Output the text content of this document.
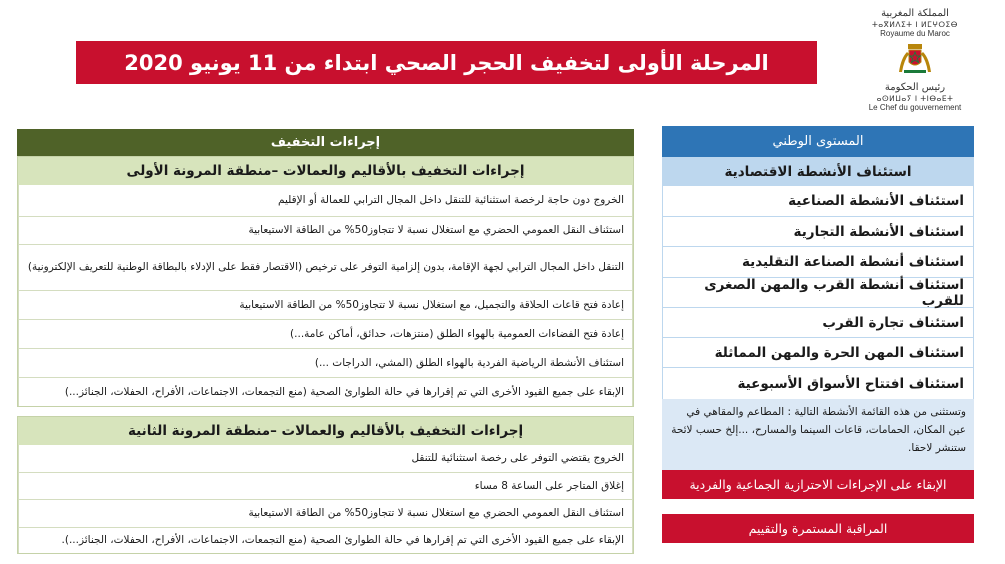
المرحلة الأولى لتخفيف الحجر الصحي ابتداء من 11 يونيو 2020
المملكة المغربية
ⵜⴰⴳⵍⴷⵉⵜ ⵏ ⵍⵎⵖⵔⵉⴱ
Royaume du Maroc
رئيس الحكومة
ⴰⵙⵍⵡⴰⵢ ⵏ ⵜⵏⴱⴰⴹⵜ
Le Chef du gouvernement
إجراءات التخفيف
إجراءات التخفيف بالأقاليم والعمالات –منطقة المرونة الأولى
الخروج دون حاجة لرخصة استثنائية للتنقل داخل المجال الترابي للعمالة أو الإقليم
استئناف النقل العمومي الحضري مع استغلال نسبة لا تتجاوز50% من الطاقة الاستيعابية
التنقل داخل المجال الترابي لجهة الإقامة، بدون إلزامية التوفر على ترخيص (الاقتصار فقط على الإدلاء بالبطاقة الوطنية للتعريف الإلكترونية)
إعادة فتح قاعات الحلاقة والتجميل، مع استغلال نسبة لا تتجاوز50% من الطاقة الاستيعابية
إعادة فتح الفضاءات العمومية بالهواء الطلق (منتزهات، حدائق، أماكن عامة...)
استئناف الأنشطة الرياضية الفردية بالهواء الطلق (المشي، الدراجات ...)
الإبقاء على جميع القيود الأخرى التي تم إقرارها في حالة الطوارئ الصحية (منع التجمعات، الاجتماعات، الأفراح، الحفلات، الجنائز...)
إجراءات التخفيف بالأقاليم والعمالات –منطقة المرونة الثانية
الخروج يقتضي التوفر على رخصة استثنائية للتنقل
إغلاق المتاجر على الساعة 8 مساء
استئناف النقل العمومي الحضري مع استغلال نسبة لا تتجاوز50% من الطاقة الاستيعابية
الإبقاء على جميع القيود الأخرى التي تم إقرارها في حالة الطوارئ الصحية (منع التجمعات، الاجتماعات، الأفراح، الحفلات، الجنائز...).
المستوى الوطني
استئناف الأنشطة الاقتصادية
استئناف الأنشطة الصناعية
استئناف الأنشطة التجارية
استئناف أنشطة الصناعة التقليدية
استئناف أنشطة القرب والمهن الصغرى للقرب
استئناف تجارة القرب
استئناف المهن الحرة والمهن المماثلة
استئناف افتتاح الأسواق الأسبوعية
وتستثنى من هذه القائمة الأنشطة التالية : المطاعم والمقاهي في عين المكان، الحمامات، قاعات السينما والمسارح، ...إلخ حسب لائحة ستنشر لاحقا.
الإبقاء على الإجراءات الاحترازية الجماعية والفردية
المراقبة المستمرة والتقييم
